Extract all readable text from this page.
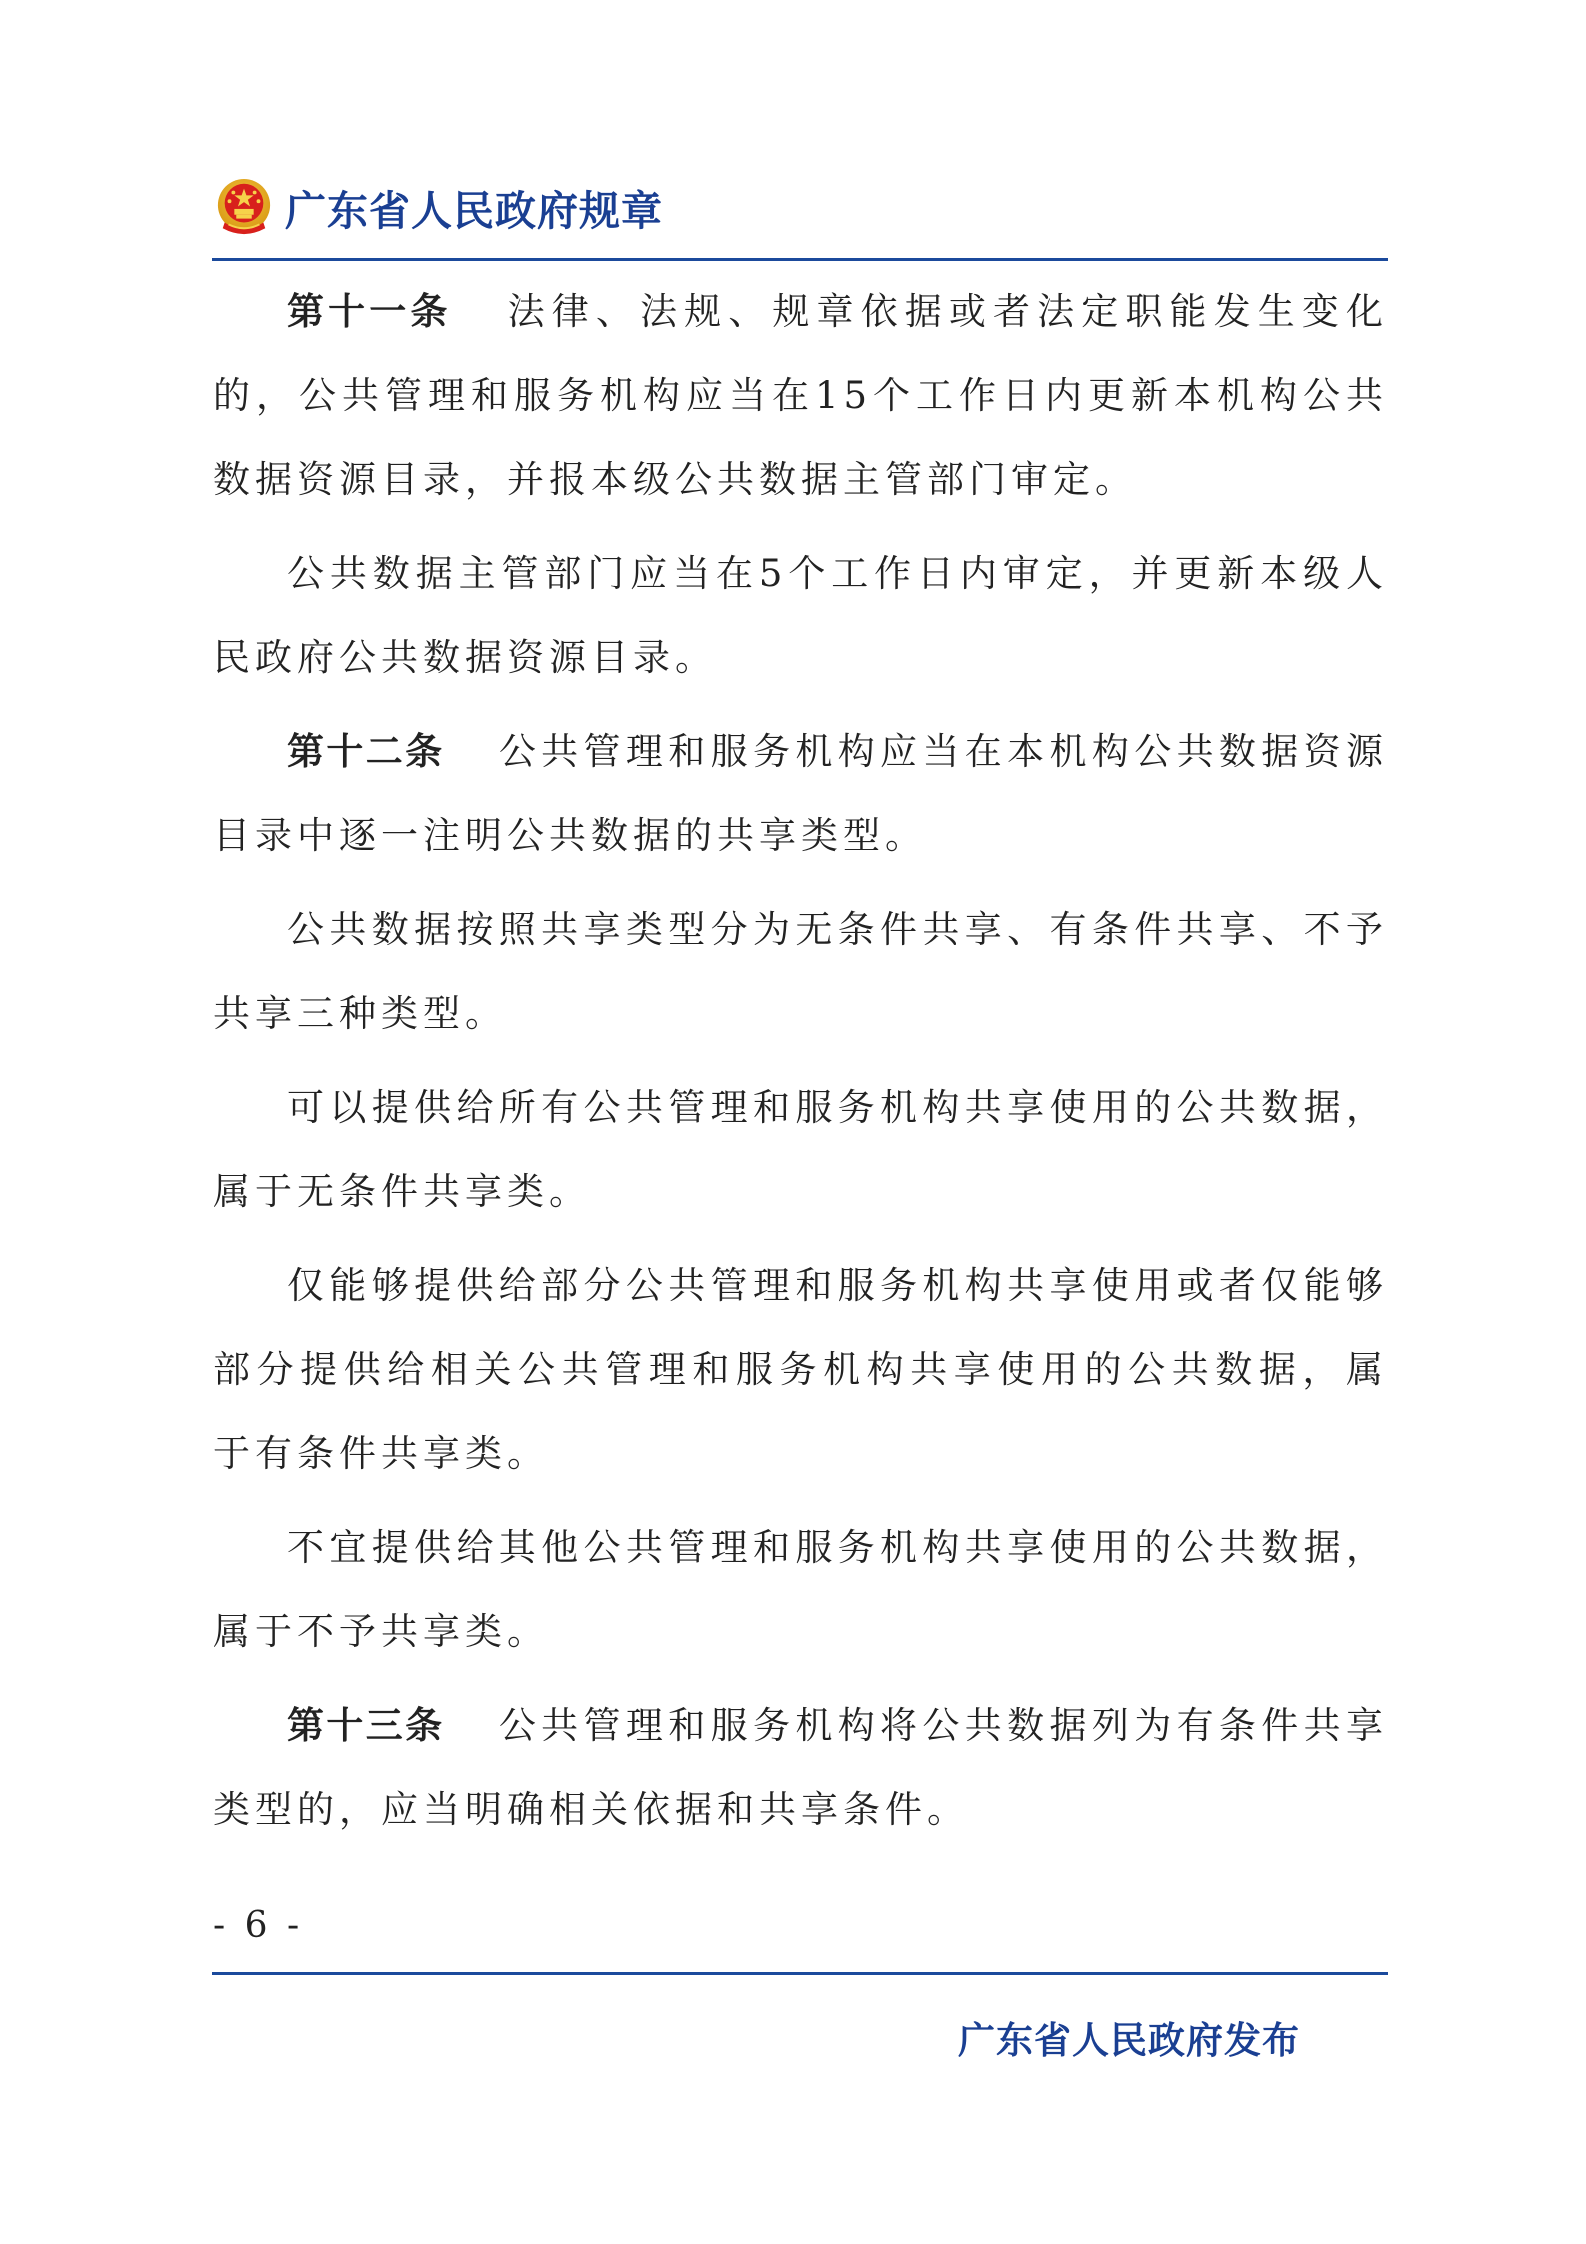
广东省人民政府规章

第十一条 法律、法规、规章依据或者法定职能发生变化的，公共管理和服务机构应当在15个工作日内更新本机构公共数据资源目录，并报本级公共数据主管部门审定。

公共数据主管部门应当在5个工作日内审定，并更新本级人民政府公共数据资源目录。

第十二条 公共管理和服务机构应当在本机构公共数据资源目录中逐一注明公共数据的共享类型。

公共数据按照共享类型分为无条件共享、有条件共享、不予共享三种类型。

可以提供给所有公共管理和服务机构共享使用的公共数据，属于无条件共享类。

仅能够提供给部分公共管理和服务机构共享使用或者仅能够部分提供给相关公共管理和服务机构共享使用的公共数据，属于有条件共享类。

不宜提供给其他公共管理和服务机构共享使用的公共数据，属于不予共享类。

第十三条 公共管理和服务机构将公共数据列为有条件共享类型的，应当明确相关依据和共享条件。

- 6 -
广东省人民政府发布
